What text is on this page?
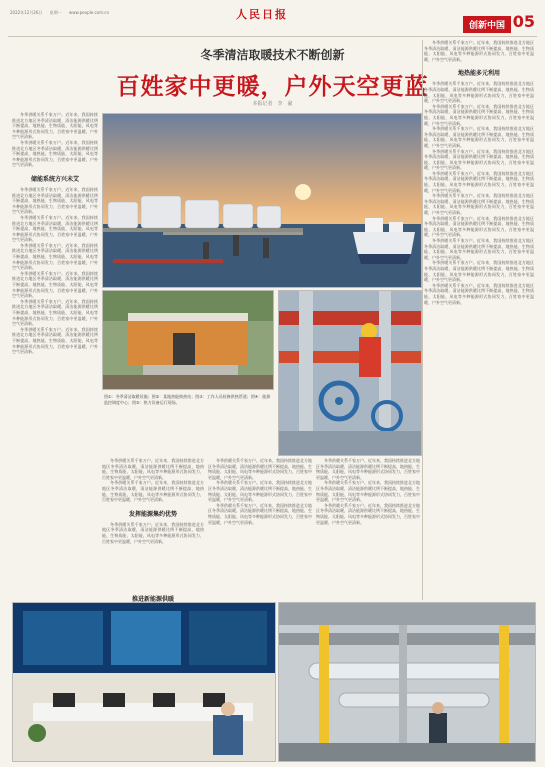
2022年12月26日 星期一 www.people.com.cn	人民日报
创新中国 05
冬季清洁取暖技术不断创新
百姓家中更暖，户外天空更蓝
本报记者　李　豪

冬季供暖关系千家万户。近年来，我国持续推进北方地区冬季清洁取暖，清洁能源供暖比例不断提高，地热能、生物质能、太阳能、风电等多种能源形式协同发力，百姓家中更温暖，户外空气更清新。

冬季供暖关系千家万户。近年来，我国持续推进北方地区冬季清洁取暖，清洁能源供暖比例不断提高，地热能、生物质能、太阳能、风电等多种能源形式协同发力，百姓家中更温暖，户外空气更清新。

储能系统方兴未艾

冬季供暖关系千家万户。近年来，我国持续推进北方地区冬季清洁取暖，清洁能源供暖比例不断提高，地热能、生物质能、太阳能、风电等多种能源形式协同发力，百姓家中更温暖，户外空气更清新。

冬季供暖关系千家万户。近年来，我国持续推进北方地区冬季清洁取暖，清洁能源供暖比例不断提高，地热能、生物质能、太阳能、风电等多种能源形式协同发力，百姓家中更温暖，户外空气更清新。

冬季供暖关系千家万户。近年来，我国持续推进北方地区冬季清洁取暖，清洁能源供暖比例不断提高，地热能、生物质能、太阳能、风电等多种能源形式协同发力，百姓家中更温暖，户外空气更清新。

冬季供暖关系千家万户。近年来，我国持续推进北方地区冬季清洁取暖，清洁能源供暖比例不断提高，地热能、生物质能、太阳能、风电等多种能源形式协同发力，百姓家中更温暖，户外空气更清新。

冬季供暖关系千家万户。近年来，我国持续推进北方地区冬季清洁取暖，清洁能源供暖比例不断提高，地热能、生物质能、太阳能、风电等多种能源形式协同发力，百姓家中更温暖，户外空气更清新。

冬季供暖关系千家万户。近年来，我国持续推进北方地区冬季清洁取暖，清洁能源供暖比例不断提高，地热能、生物质能、太阳能、风电等多种能源形式协同发力，百姓家中更温暖，户外空气更清新。

冬季供暖关系千家万户。近年来，我国持续推进北方地区冬季清洁取暖，清洁能源供暖比例不断提高，地热能、生物质能、太阳能、风电等多种能源形式协同发力，百姓家中更温暖，户外空气更清新。

地热能多元利用

冬季供暖关系千家万户。近年来，我国持续推进北方地区冬季清洁取暖，清洁能源供暖比例不断提高，地热能、生物质能、太阳能、风电等多种能源形式协同发力，百姓家中更温暖，户外空气更清新。

冬季供暖关系千家万户。近年来，我国持续推进北方地区冬季清洁取暖，清洁能源供暖比例不断提高，地热能、生物质能、太阳能、风电等多种能源形式协同发力，百姓家中更温暖，户外空气更清新。

冬季供暖关系千家万户。近年来，我国持续推进北方地区冬季清洁取暖，清洁能源供暖比例不断提高，地热能、生物质能、太阳能、风电等多种能源形式协同发力，百姓家中更温暖，户外空气更清新。

冬季供暖关系千家万户。近年来，我国持续推进北方地区冬季清洁取暖，清洁能源供暖比例不断提高，地热能、生物质能、太阳能、风电等多种能源形式协同发力，百姓家中更温暖，户外空气更清新。

冬季供暖关系千家万户。近年来，我国持续推进北方地区冬季清洁取暖，清洁能源供暖比例不断提高，地热能、生物质能、太阳能、风电等多种能源形式协同发力，百姓家中更温暖，户外空气更清新。

冬季供暖关系千家万户。近年来，我国持续推进北方地区冬季清洁取暖，清洁能源供暖比例不断提高，地热能、生物质能、太阳能、风电等多种能源形式协同发力，百姓家中更温暖，户外空气更清新。

冬季供暖关系千家万户。近年来，我国持续推进北方地区冬季清洁取暖，清洁能源供暖比例不断提高，地热能、生物质能、太阳能、风电等多种能源形式协同发力，百姓家中更温暖，户外空气更清新。

冬季供暖关系千家万户。近年来，我国持续推进北方地区冬季清洁取暖，清洁能源供暖比例不断提高，地热能、生物质能、太阳能、风电等多种能源形式协同发力，百姓家中更温暖，户外空气更清新。

冬季供暖关系千家万户。近年来，我国持续推进北方地区冬季清洁取暖，清洁能源供暖比例不断提高，地热能、生物质能、太阳能、风电等多种能源形式协同发力，百姓家中更温暖，户外空气更清新。

冬季供暖关系千家万户。近年来，我国持续推进北方地区冬季清洁取暖，清洁能源供暖比例不断提高，地热能、生物质能、太阳能、风电等多种能源形式协同发力，百姓家中更温暖，户外空气更清新。

图①：冬季清洁取暖设施；图②：某地热能换热站；图③：工作人员检修供热管道；图④：能源监控调度中心；图⑤：热力设备运行现场。

冬季供暖关系千家万户。近年来，我国持续推进北方地区冬季清洁取暖，清洁能源供暖比例不断提高，地热能、生物质能、太阳能、风电等多种能源形式协同发力，百姓家中更温暖，户外空气更清新。

冬季供暖关系千家万户。近年来，我国持续推进北方地区冬季清洁取暖，清洁能源供暖比例不断提高，地热能、生物质能、太阳能、风电等多种能源形式协同发力，百姓家中更温暖，户外空气更清新。

发挥能源集约优势

冬季供暖关系千家万户。近年来，我国持续推进北方地区冬季清洁取暖，清洁能源供暖比例不断提高，地热能、生物质能、太阳能、风电等多种能源形式协同发力，百姓家中更温暖，户外空气更清新。

冬季供暖关系千家万户。近年来，我国持续推进北方地区冬季清洁取暖，清洁能源供暖比例不断提高，地热能、生物质能、太阳能、风电等多种能源形式协同发力，百姓家中更温暖，户外空气更清新。

冬季供暖关系千家万户。近年来，我国持续推进北方地区冬季清洁取暖，清洁能源供暖比例不断提高，地热能、生物质能、太阳能、风电等多种能源形式协同发力，百姓家中更温暖，户外空气更清新。

冬季供暖关系千家万户。近年来，我国持续推进北方地区冬季清洁取暖，清洁能源供暖比例不断提高，地热能、生物质能、太阳能、风电等多种能源形式协同发力，百姓家中更温暖，户外空气更清新。

冬季供暖关系千家万户。近年来，我国持续推进北方地区冬季清洁取暖，清洁能源供暖比例不断提高，地热能、生物质能、太阳能、风电等多种能源形式协同发力，百姓家中更温暖，户外空气更清新。

冬季供暖关系千家万户。近年来，我国持续推进北方地区冬季清洁取暖，清洁能源供暖比例不断提高，地热能、生物质能、太阳能、风电等多种能源形式协同发力，百姓家中更温暖，户外空气更清新。

冬季供暖关系千家万户。近年来，我国持续推进北方地区冬季清洁取暖，清洁能源供暖比例不断提高，地热能、生物质能、太阳能、风电等多种能源形式协同发力，百姓家中更温暖，户外空气更清新。

推进新能源供暖
